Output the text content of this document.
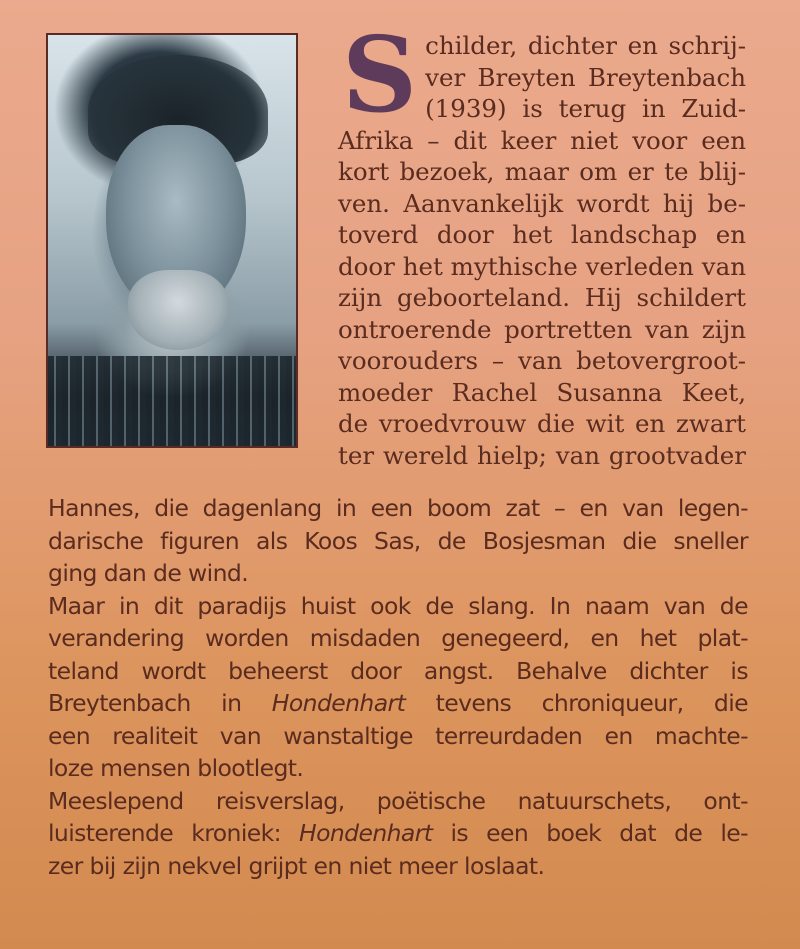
S childer, dichter en schrij-
ver Breyten Breytenbach
(1939) is terug in Zuid-
Afrika – dit keer niet voor een
kort bezoek, maar om er te blij-
ven. Aanvankelijk wordt hij be-
toverd door het landschap en
door het mythische verleden van
zijn geboorteland. Hij schildert
ontroerende portretten van zijn
voorouders – van betovergroot-
moeder Rachel Susanna Keet,
de vroedvrouw die wit en zwart
ter wereld hielp; van grootvader

Hannes, die dagenlang in een boom zat – en van legen-
darische figuren als Koos Sas, de Bosjesman die sneller
ging dan de wind.

Maar in dit paradijs huist ook de slang. In naam van de
verandering worden misdaden genegeerd, en het plat-
teland wordt beheerst door angst. Behalve dichter is
Breytenbach in Hondenhart tevens chroniqueur, die
een realiteit van wanstaltige terreurdaden en machte-
loze mensen blootlegt.

Meeslepend reisverslag, poëtische natuurschets, ont-
luisterende kroniek: Hondenhart is een boek dat de le-
zer bij zijn nekvel grijpt en niet meer loslaat.
